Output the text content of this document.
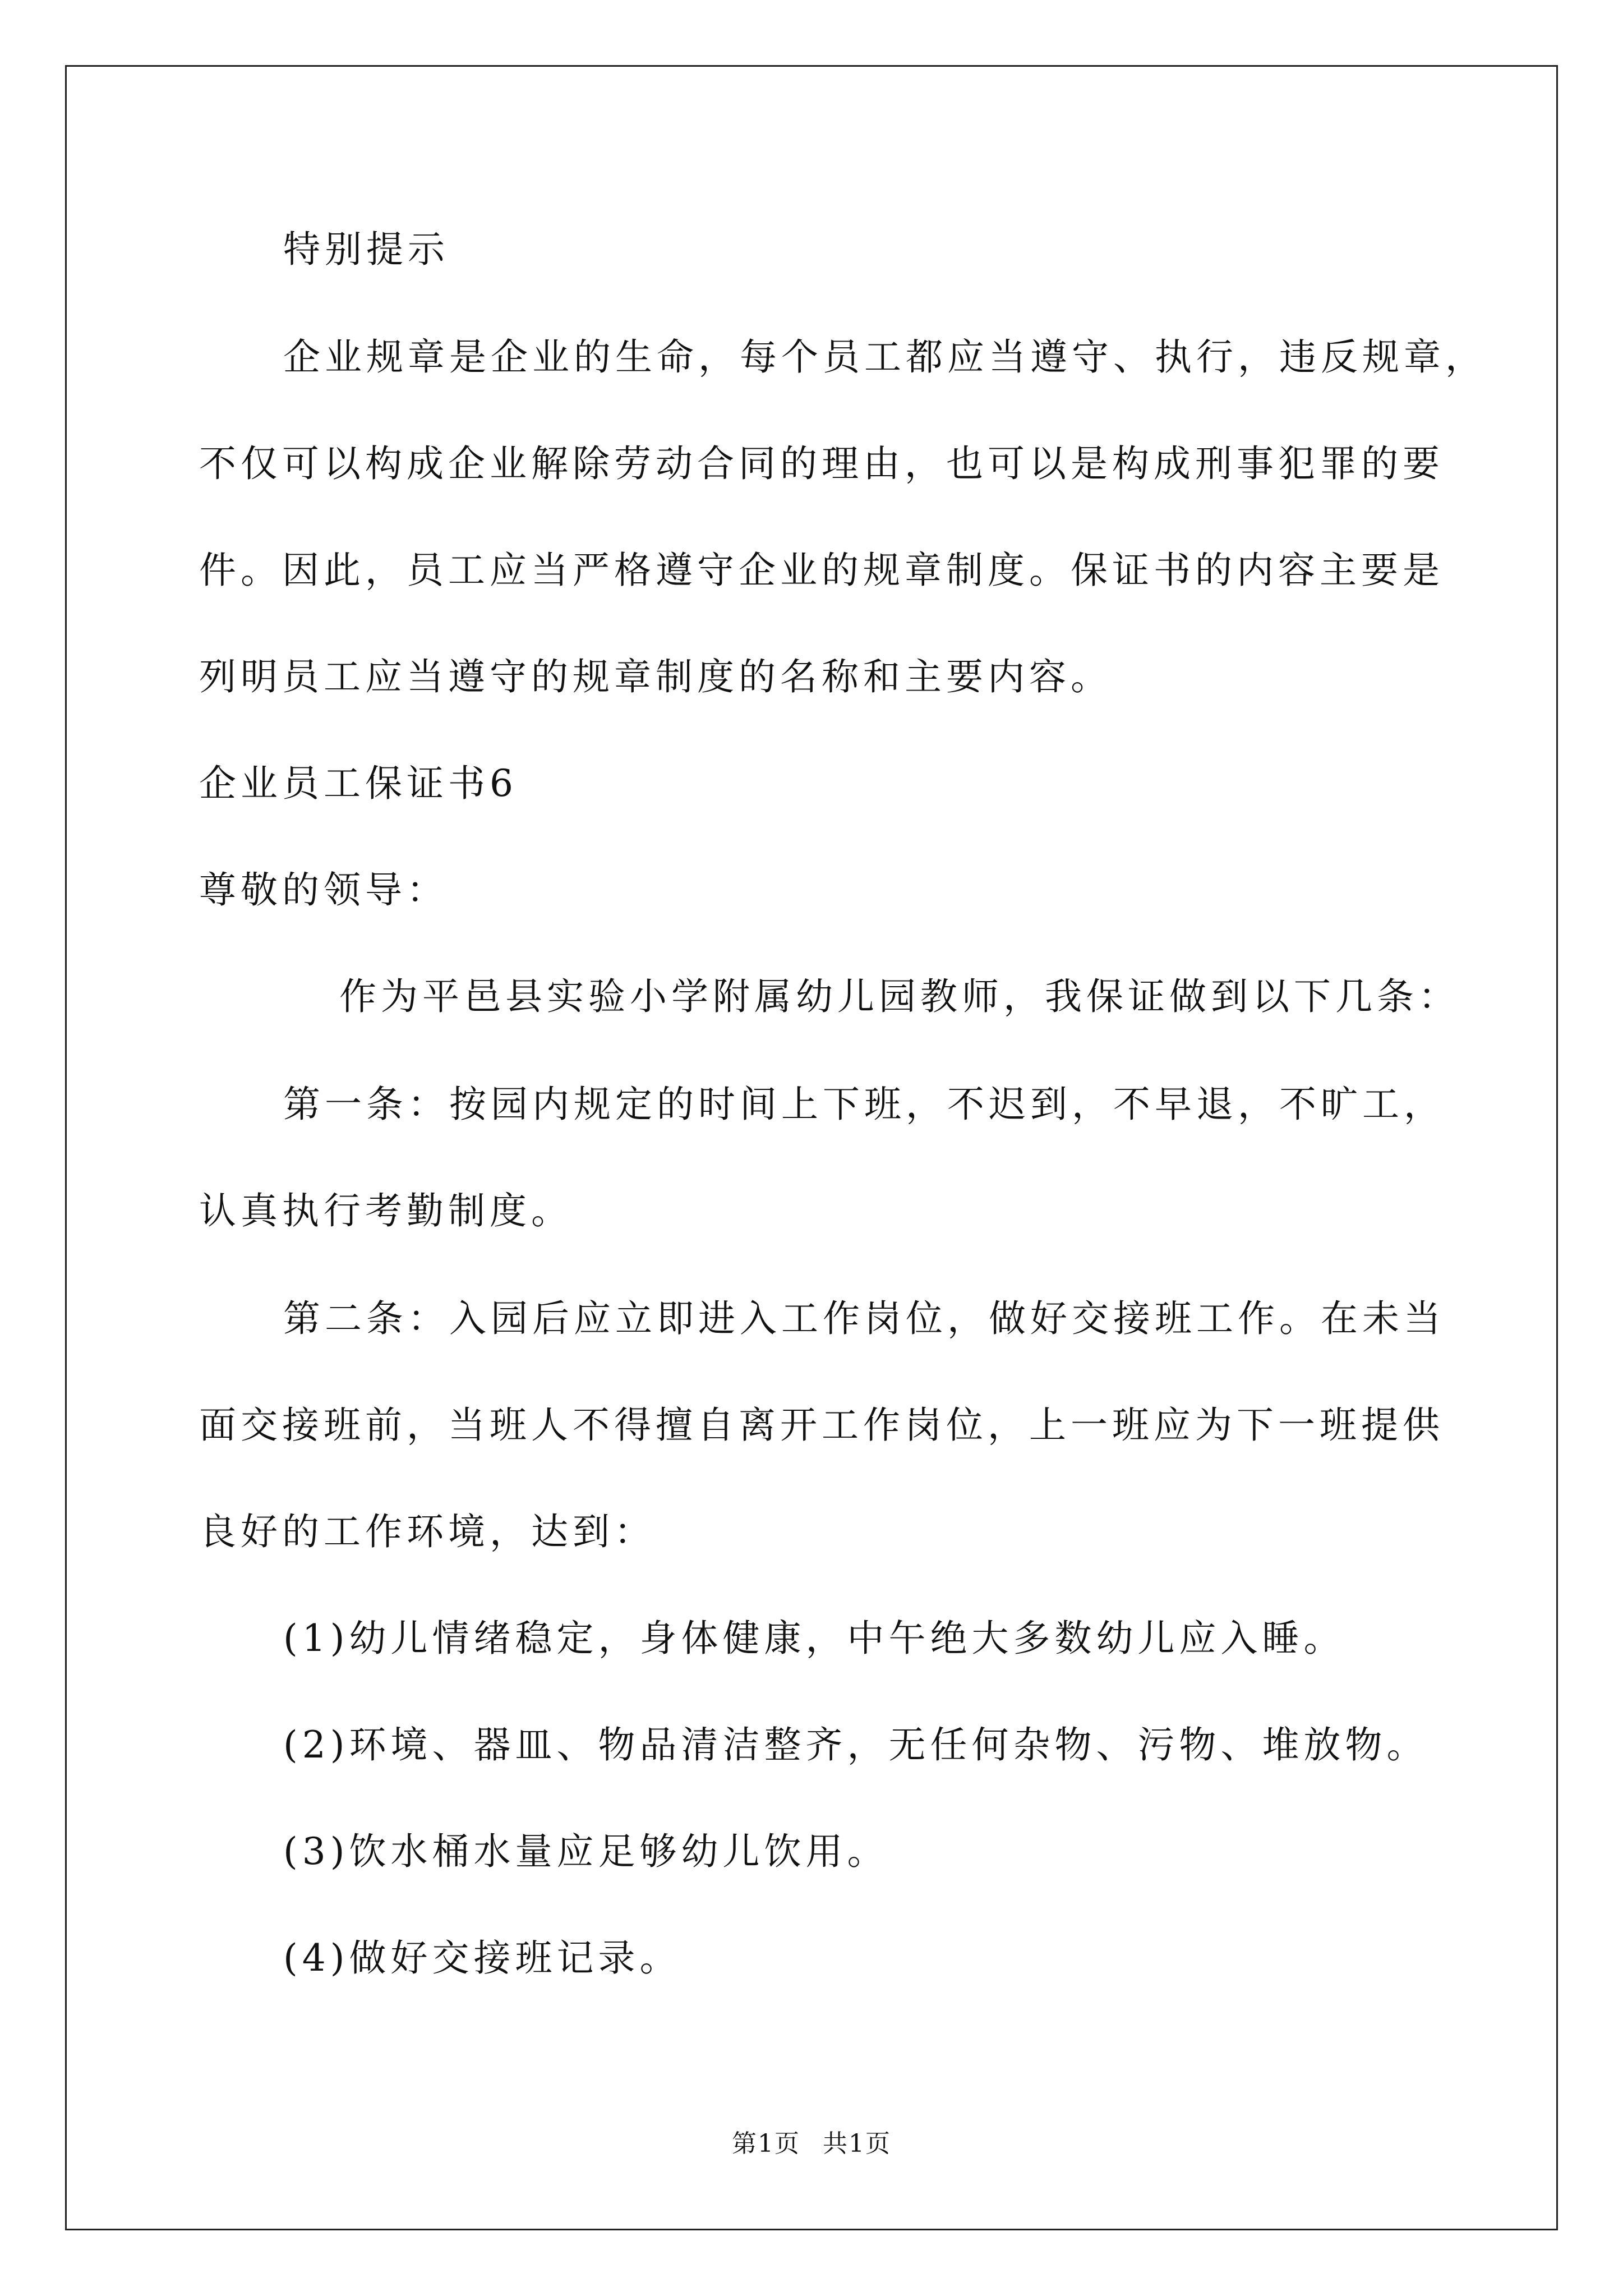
特别提示
企业规章是企业的生命，每个员工都应当遵守、执行，违反规章，
不仅可以构成企业解除劳动合同的理由，也可以是构成刑事犯罪的要
件。因此，员工应当严格遵守企业的规章制度。保证书的内容主要是
列明员工应当遵守的规章制度的名称和主要内容。
企业员工保证书6
尊敬的领导：
作为平邑县实验小学附属幼儿园教师，我保证做到以下几条：
第一条：按园内规定的时间上下班，不迟到，不早退，不旷工，
认真执行考勤制度。
第二条：入园后应立即进入工作岗位，做好交接班工作。在未当
面交接班前，当班人不得擅自离开工作岗位，上一班应为下一班提供
良好的工作环境，达到：
(1)幼儿情绪稳定，身体健康，中午绝大多数幼儿应入睡。
(2)环境、器皿、物品清洁整齐，无任何杂物、污物、堆放物。
(3)饮水桶水量应足够幼儿饮用。
(4)做好交接班记录。
第1页 共1页
